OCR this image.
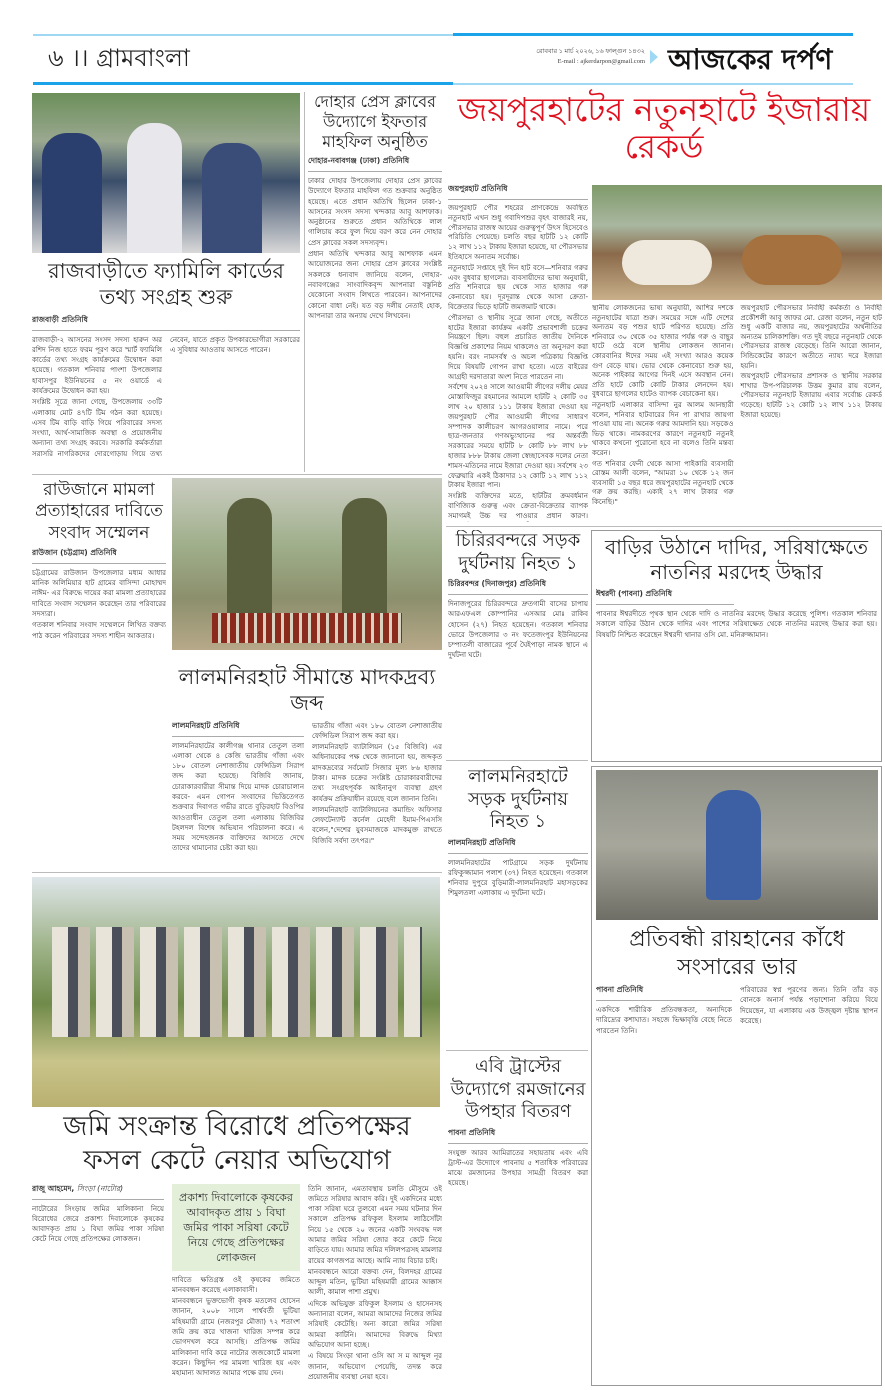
৬ ।। গ্রামবাংলা	রোববার ১ মার্চ ২০২৬, ১৬ ফাল্গুন ১৪৩২
E-mail : ajkerdarpon@gmail.com আজকের দর্পণ
রাজবাড়ীতে ফ্যামিলি কার্ডের তথ্য সংগ্রহ শুরু
রাজবাড়ী প্রতিনিধি

রাজবাড়ী-২ আসনের সংসদ সদস্য হারুন অর রশিদ নিজ হাতে ফরম পূরণ করে স্মার্ট ফ্যামিলি কার্ডের তথ্য সংগ্রহ কার্যক্রমের উদ্বোধন করা হয়েছে। গতকাল শনিবার পাংশা উপজেলার হাবাসপুর ইউনিয়নের ৫ নং ওয়ার্ডে এ কার্যক্রমের উদ্বোধন করা হয়।

সংশ্লিষ্ট সূত্রে জানা গেছে, উপজেলায় ৩৩টি এলাকায় মোট ৪৭টি টিম গঠন করা হয়েছে। এসব টিম বাড়ি বাড়ি গিয়ে পরিবারের সদস্য সংখ্যা, আর্থ-সামাজিক অবস্থা ও প্রয়োজনীয় অন্যান্য তথ্য সংগ্রহ করবে। সরকারি কর্মকর্তারা সরাসরি নাগরিকদের দোরগোড়ায় গিয়ে তথ্য নেবেন, যাতে প্রকৃত উপকারভোগীরা সরকারের এ সুবিধার আওতায় আসতে পারেন।

দোহার প্রেস ক্লাবের উদ্যোগে ইফতার মাহফিল অনুষ্ঠিত
দোহার-নবাবগঞ্জ (ঢাকা) প্রতিনিধি

ঢাকার দোহার উপজেলায় দোহার প্রেস ক্লাবের উদ্যোগে ইফতার মাহফিল গত শুক্রবার অনুষ্ঠিত হয়েছে। এতে প্রধান অতিথি ছিলেন ঢাকা-১ আসনের সংসদ সদস্য খন্দকার আবু আশফাক। অনুষ্ঠানের শুরুতে প্রধান অতিথিকে লাল গালিচায় করে ফুল দিয়ে বরণ করে নেন দোহার প্রেস ক্লাবের সকল সদস্যবৃন্দ।

প্রধান অতিথি খন্দকার আবু আশফাক এমন আয়োজনের জন্য দোহার প্রেস ক্লাবের সংশ্লিষ্ট সকলকে ধন্যবাদ জানিয়ে বলেন, দোহার-নবাবগঞ্জের সাংবাদিকবৃন্দ আপনারা বস্তুনিষ্ঠ যেকোনো সংবাদ লিখতে পারবেন। আপনাদের কোনো বাধা নেই। যত বড় দলীয় নেতাই হোক, আপনারা তার অন্যায় দেখে লিখবেন।

জয়পুরহাটের নতুনহাটে ইজারায় রেকর্ড
জয়পুরহাট প্রতিনিধি

জয়পুরহাট পৌর শহরের প্রাণকেন্দ্রে অবস্থিত নতুনহাট এখন শুধু গবাদিপশুর বৃহৎ বাজারই নয়, পৌরসভার রাজস্ব আয়ের গুরুত্বপূর্ণ উৎস হিসেবেও পরিচিতি পেয়েছে। চলতি বছর হাটটি ১২ কোটি ১২ লাখ ১১২ টাকায় ইজারা হয়েছে, যা পৌরসভার ইতিহাসে অন্যতম সর্বোচ্চ।

নতুনহাটে সপ্তাহে দুই দিন হাট বসে—শনিবার গরুর এবং বুধবার ছাগলের। ব্যবসায়ীদের ভাষ্য অনুযায়ী, প্রতি শনিবারে ছয় থেকে সাত হাজার গরু কেনাবেচা হয়। দূরদূরান্ত থেকে আসা ক্রেতা-বিক্রেতার ভিড়ে হাটটি জমজমাট থাকে।

পৌরসভা ও স্থানীয় সূত্রে জানা গেছে, অতীতে হাটের ইজারা কার্যক্রম একটি প্রভাবশালী চক্রের নিয়ন্ত্রণে ছিল। বহুল প্রচারিত জাতীয় দৈনিকে বিজ্ঞপ্তি প্রকাশের নিয়ম থাকলেও তা অনুসরণ করা হয়নি। বরং নামসর্বস্ব ও অচল পত্রিকায় বিজ্ঞপ্তি দিয়ে বিষয়টি গোপন রাখা হতো। এতে বাইরের আগ্রহী দরদাতারা অংশ নিতে পারতেন না।

সর্বশেষ ২০২৪ সালে আওয়ামী লীগের দলীয় মেয়র মোস্তাফিজুর রহমানের আমলে হাটটি ২ কোটি ৩৫ লাখ ২০ হাজার ১১১ টাকায় ইজারা দেওয়া হয় জয়পুরহাট পৌর আওয়ামী লীগের সাধারণ সম্পাদক কালীচরণ আগরওয়ালার নামে। পরে ছাত্র-জনতার গণঅভ্যুত্থানের পর অন্তর্বর্তী সরকারের সময়ে হাটটি ৮ কোটি ৮৮ লাখ ৮৮ হাজার ৮৮৮ টাকায় জেলা স্বেচ্ছাসেবক দলের নেতা শামস-মতিনের নামে ইজারা দেওয়া হয়। সর্বশেষ ২৩ ফেব্রুয়ারি একই ঠিকাদার ১২ কোটি ১২ লাখ ১১২ টাকায় ইজারা পান।

সংশ্লিষ্ট ব্যক্তিদের মতে, হাটটির ক্রমবর্ধমান বাণিজ্যিক গুরুত্ব এবং ক্রেতা-বিক্রেতার ব্যাপক সমাগমই উচ্চ দর পাওয়ার প্রধান কারণ।

স্থানীয় লোকজনের ভাষ্য অনুযায়ী, আশির দশকে নতুনহাটের যাত্রা শুরু। সময়ের সঙ্গে এটি দেশের অন্যতম বড় পশুর হাটে পরিণত হয়েছে। প্রতি শনিবারে ৩০ থেকে ৩৫ হাজার পর্যন্ত গরু ও বাছুর হাটে ওঠে বলে স্থানীয় লোকজন জানান। কোরবানির ঈদের সময় এই সংখ্যা আরও কয়েক গুণ বেড়ে যায়। ভোর থেকে কেনাবেচা শুরু হয়, অনেক পাইকার আগের দিনই এসে অবস্থান নেন। প্রতি হাটে কোটি কোটি টাকার লেনদেন হয়। বুধবারে ছাগলের হাটেও ব্যাপক বেচাকেনা হয়।

নতুনহাট এলাকার বাসিন্দা নুর আলম আনছারী বলেন, শনিবার হাটবারের দিন পা রাখার জায়গা পাওয়া যায় না। অনেক গরুর আমদানি হয়। সড়কেও ভিড় থাকে। নামকরণের কারণে নতুনহাট নতুনই থাকবে কখনো পুরোনো হবে না বলেও তিনি মন্তব্য করেন।

গত শনিবার ফেনী থেকে আসা পাইকারি ব্যবসায়ী রোস্তম আলী বলেন, "আমরা ১০ থেকে ১২ জন ব্যবসায়ী ১৫ বছর ধরে জয়পুরহাটের নতুনহাট থেকে গরু ক্রয় করছি। একাই ২৭ লাখ টাকার গরু কিনেছি।"

জয়পুরহাট পৌরসভার নির্বাহী কর্মকর্তা ও নির্বাহী প্রকৌশলী আবু জাফর মো. রেজা বলেন, নতুন হাট শুধু একটি বাজার নয়, জয়পুরহাটের অর্থনীতির অন্যতম চালিকাশক্তি। গত দুই বছরে নতুনহাট থেকে পৌরসভার রাজস্ব বেড়েছে। তিনি আরো জানান, সিন্ডিকেটের কারণে অতীতে ন্যায্য দরে ইজারা হয়নি।

জয়পুরহাট পৌরসভার প্রশাসক ও স্থানীয় সরকার শাখার উপ-পরিচালক উত্তম কুমার রায় বলেন, পৌরসভার নতুনহাট ইজারায় এবার সর্বোচ্চ রেকর্ড গড়েছে। হাটটি ১২ কোটি ১২ লাখ ১১২ টাকায় ইজারা হয়েছে।

রাউজানে মামলা প্রত্যাহারের দাবিতে সংবাদ সম্মেলন
রাউজান (চট্টগ্রাম) প্রতিনিধি

চট্টগ্রামের রাউজান উপজেলার মধ্যম আধার মানিক অলিমিয়ার হাট গ্রামের বাসিন্দা মোহাম্মদ নাঈম- এর বিরুদ্ধে দায়ের করা মামলা প্রত্যাহারের দাবিতে সংবাদ সম্মেলন করেছেন তার পরিবারের সদস্যরা।

গতকাল শনিবার সংবাদ সম্মেলনে লিখিত বক্তব্য পাঠ করেন পরিবারের সদস্য শাহীন আকতার।

লালমনিরহাট সীমান্তে মাদকদ্রব্য জব্দ
লালমনিরহাট প্রতিনিধি

লালমনিরহাটের কালীগঞ্জ থানার তেতুল তলা এলাকা থেকে ৪ কেজি ভারতীয় গাঁজা এবং ১৮০ বোতল নেশাজাতীয় ফেন্সিডিল সিরাপ জব্দ করা হয়েছে। বিজিবি জানায়, চোরাকারবারীরা সীমান্ত দিয়ে মাদক চোরাচালান করবে- এমন গোপন সংবাদের ভিত্তিতেগত শুক্রবার দিবাগত গভীর রাতে বুড়িরহাট বিওপির আওতাধীন তেতুল তলা এলাকায় বিজিবির টহলদল বিশেষ অভিযান পরিচালনা করে। এ সময় সন্দেহজনক ব্যক্তিদের আসতে দেখে তাদের থামানোর চেষ্টা করা হয়।

ভারতীয় গাঁজা এবং ১৮০ বোতল নেশাজাতীয় ফেন্সিডিল সিরাপ জব্দ করা হয়।

লালমনিরহাট ব্যাটালিয়ন (১৫ বিজিবি) এর অধিনায়কের পক্ষ থেকে জানানো হয়, জব্দকৃত মাদকদ্রব্যের সর্বমোট সিজার মূল্য ৮৬ হাজার টাকা। মাদক চক্রের সংশ্লিষ্ট চোরাকারবারীদের তথ্য সংগ্রহপূর্বক আইনানুগ ব্যবস্থা গ্রহণ কার্যক্রম প্রক্রিয়াধীন রয়েছে বলে জানান তিনি।

লালমনিরহাট ব্যাটালিয়নের কমান্ডিং অফিসার লেফটেন্যান্ট কর্নেল মেহেদী ইমাম-পিএসসি বলেন,"দেশের যুবসমাজকে মাদকমুক্ত রাখতে বিজিবি সর্বদা তৎপর।"

চিরিরবন্দরে সড়ক দুর্ঘটনায় নিহত ১
চিরিরবন্দর (দিনাজপুর) প্রতিনিধি

দিনাজপুরের চিরিরবন্দরে দ্রুতগামী বাসের চাপায় আরএফএল কোম্পানির এসআর মোঃ রাকিব হোসেন (২৭) নিহত হয়েছেন। গতকাল শনিবার ভোরে উপজেলার ৩ নং ফতেজংপুর ইউনিয়নের চম্পাতলী বাজারের পূর্বে ঘৈইপাড়া নামক স্থানে এ দুর্ঘটনা ঘটে।

বাড়ির উঠানে দাদির, সরিষাক্ষেতে নাতনির মরদেহ উদ্ধার
ঈশ্বরদী (পাবনা) প্রতিনিধি

পাবনার ঈশ্বরদীতে পৃথক স্থান থেকে দাদি ও নাতনির মরদেহ উদ্ধার করেছে পুলিশ। গতকাল শনিবার সকালে বাড়ির উঠান থেকে দাদির এবং পাশের সরিষাক্ষেত থেকে নাতনির মরদেহ উদ্ধার করা হয়। বিষয়টি নিশ্চিত করেছেন ঈশ্বরদী থানার ওসি মো. মনিরুজ্জামান।

লালমনিরহাটে সড়ক দুর্ঘটনায় নিহত ১
লালমনিরহাট প্রতিনিধি

লালমনিরহাটের পাটগ্রামে সড়ক দুর্ঘটনায় রফিকুজ্জামান পলাশ (৩৭) নিহত হয়েছেন। গতকাল শনিবার দুপুরে বুড়িমারী-লালমনিরহাট মহাসড়কের শিমুলতলা এলাকায় এ দুর্ঘটনা ঘটে।

প্রতিবন্ধী রায়হানের কাঁধে সংসারের ভার
পাবনা প্রতিনিধি

একদিকে শারীরিক প্রতিবন্ধকতা, অন্যদিকে দারিদ্র্যের কশাঘাত। সহজে ভিক্ষাবৃত্তি বেছে নিতে পারতেন তিনি।

পরিবারের স্বপ্ন পূরণের জন্য। তিনি তাঁর বড় বোনকে অনার্স পর্যন্ত পড়াশোনা করিয়ে বিয়ে দিয়েছেন, যা এলাকায় এক উজ্জ্বল দৃষ্টান্ত স্থাপন করেছে।

এবি ট্রাস্টের উদ্যোগে রমজানের উপহার বিতরণ
পাবনা প্রতিনিধি

সংযুক্ত আরব আমিরাতের সহায়তায় এবং এবি ট্রাস্ট-এর উদ্যোগে পাবনায় ৫ শতাধিক পরিবারের মাঝে রমজানের উপহার সামগ্রী বিতরণ করা হয়েছে।

জমি সংক্রান্ত বিরোধে প্রতিপক্ষের ফসল কেটে নেয়ার অভিযোগ
রাজু আহমেদ, সিংড়া (নাটোর)

নাটোরের সিংড়ায় জমির মালিকানা নিয়ে বিরোধের জেরে প্রকাশ্য দিবালোকে কৃষকের আবাদকৃত প্রায় ১ বিঘা জমির পাকা সরিষা কেটে নিয়ে গেছে প্রতিপক্ষের লোকজন।

প্রকাশ্য দিবালোকে কৃষকের আবাদকৃত প্রায় ১ বিঘা জমির পাকা সরিষা কেটে নিয়ে গেছে প্রতিপক্ষের লোকজন

দাবিতে ক্ষতিগ্রস্ত ওই কৃষকের জমিতে মানববন্ধন করেছে এলাকাবাসী।

মানববন্ধনে ভুক্তভোগী কৃষক মতলেব হোসেন জানান, ২০০৮ সালে পার্শ্ববর্তী ভুটিয়া মহিষমারী গ্রামে (নজরপুর মৌজা) ৭২ শতাংশ জমি ক্রয় করে খাজনা খারিজ সম্পন্ন করে ভোগদখল করে আসছি। প্রতিপক্ষ জমির মালিকানা দাবি করে নাটোর জজকোর্টে মামলা করেন। কিছুদিন পর মামলা খারিজ হয় এবং মহামান্য আদালত আমার পক্ষে রায় দেন।

তিনি জানান, এমতাবস্থায় চলতি মৌসুমে ওই জমিতে সরিষার আবাদ করি। দুই একদিনের মধ্যে পাকা সরিষা ঘরে তুলবো এমন সময় ঘটনার দিন সকালে প্রতিপক্ষ রফিকুল ইসলাম লাঠিসোঁটা নিয়ে ১৫ থেকে ২০ জনের একটি সংঘবদ্ধ দল আমার জমির সরিষা জোর করে কেটে নিয়ে বাড়িতে যায়। আমার জমির দলিলপত্রসহ মামলার রায়ের কাগজপত্র আছে। আমি ন্যায় বিচার চাই।

মানববন্ধনে আরো বক্তব্য দেন, বিলদহর গ্রামের আব্দুল মতিন, ভুটিয়া মহিষমারী গ্রামের আক্কাস আলী, কামাল পাশা প্রমুখ।

এদিকে অভিযুক্ত রফিকুল ইসলাম ও হাসেনসহ অন্যান্যরা বলেন, আমরা আমাদের নিজের জমির সরিষাই কেটেছি। অন্য কারো জমির সরিষা আমরা কাটিনি। আমাদের বিরুদ্ধে মিথ্যা অভিযোগ আনা হচ্ছে।

এ বিষয়ে সিংড়া থানা ওসি আ স ম আব্দুল নূর জানান, অভিযোগ পেয়েছি, তদন্ত করে প্রয়োজনীয় ব্যবস্থা নেয়া হবে।
